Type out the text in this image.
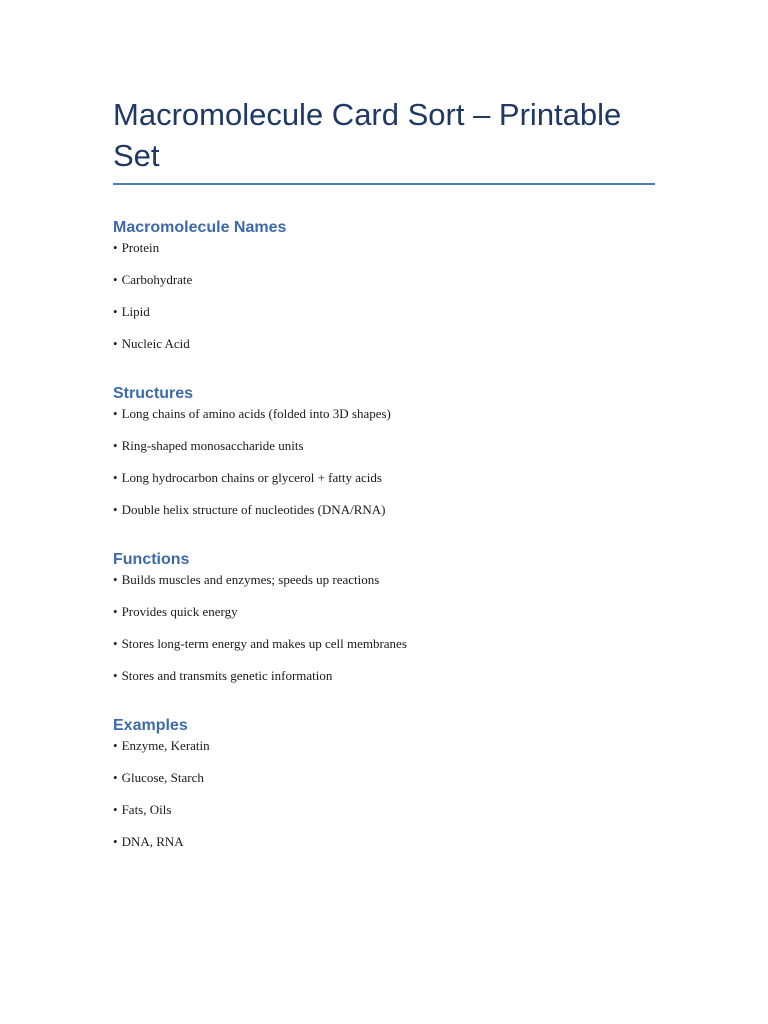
Macromolecule Card Sort – Printable Set
Macromolecule Names

• Protein

• Carbohydrate

• Lipid

• Nucleic Acid

Structures

• Long chains of amino acids (folded into 3D shapes)

• Ring-shaped monosaccharide units

• Long hydrocarbon chains or glycerol + fatty acids

• Double helix structure of nucleotides (DNA/RNA)

Functions

• Builds muscles and enzymes; speeds up reactions

• Provides quick energy

• Stores long-term energy and makes up cell membranes

• Stores and transmits genetic information

Examples

• Enzyme, Keratin

• Glucose, Starch

• Fats, Oils

• DNA, RNA
